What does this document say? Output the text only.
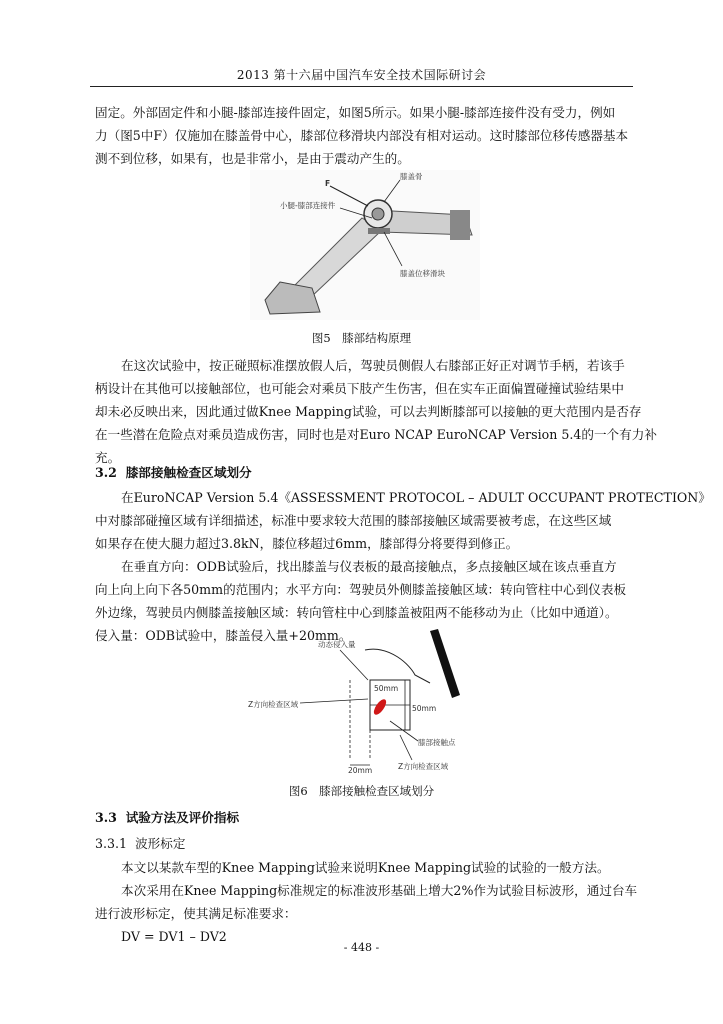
2013 第十六届中国汽车安全技术国际研讨会
固定。外部固定件和小腿-膝部连接件固定，如图5所示。如果小腿-膝部连接件没有受力，例如
力（图5中F）仅施加在膝盖骨中心，膝部位移滑块内部没有相对运动。这时膝部位移传感器基本
测不到位移，如果有，也是非常小，是由于震动产生的。
F
膝盖骨
小腿-膝部连接件
膝盖位移滑块
图5　膝部结构原理
在这次试验中，按正碰照标准摆放假人后，驾驶员侧假人右膝部正好正对调节手柄，若该手
柄设计在其他可以接触部位，也可能会对乘员下肢产生伤害，但在实车正面偏置碰撞试验结果中
却未必反映出来，因此通过做Knee Mapping试验，可以去判断膝部可以接触的更大范围内是否存
在一些潜在危险点对乘员造成伤害，同时也是对Euro NCAP EuroNCAP Version 5.4的一个有力补
充。
3.2 膝部接触检查区域划分
在EuroNCAP Version 5.4《ASSESSMENT PROTOCOL – ADULT OCCUPANT PROTECTION》
中对膝部碰撞区域有详细描述，标准中要求较大范围的膝部接触区域需要被考虑，在这些区域
如果存在使大腿力超过3.8kN，膝位移超过6mm，膝部得分将要得到修正。
在垂直方向：ODB试验后，找出膝盖与仪表板的最高接触点，多点接触区域在该点垂直方
向上向上向下各50mm的范围内；水平方向：驾驶员外侧膝盖接触区域：转向管柱中心到仪表板
外边缘，驾驶员内侧膝盖接触区域：转向管柱中心到膝盖被阻两不能移动为止（比如中通道）。
侵入量：ODB试验中，膝盖侵入量+20mm。
动态侵入量
Z方向检查区域
50mm
50mm
膝部接触点
20mm	Z方向检查区域
图6　膝部接触检查区域划分
3.3 试验方法及评价指标
3.3.1 波形标定
本文以某款车型的Knee Mapping试验来说明Knee Mapping试验的试验的一般方法。
本次采用在Knee Mapping标准规定的标准波形基础上增大2%作为试验目标波形，通过台车
进行波形标定，使其满足标准要求：
DV = DV1 – DV2
- 448 -
